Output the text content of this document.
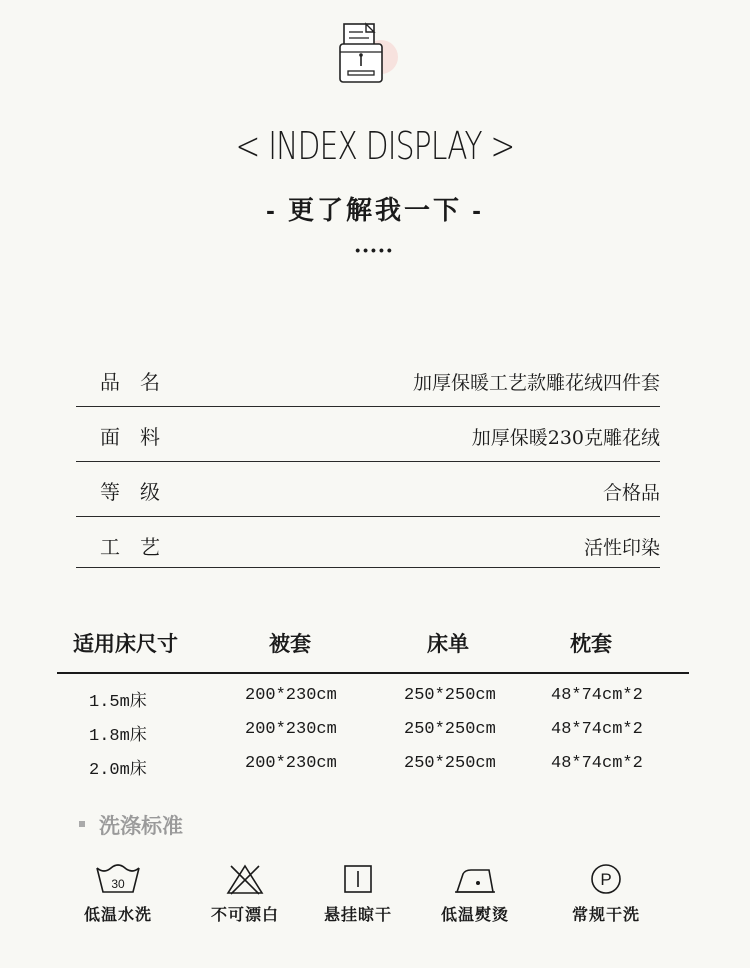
< INDEX DISPLAY >
- 更了解我一下 -
•••••
品名	加厚保暖工艺款雕花绒四件套
面料	加厚保暖230克雕花绒
等级	合格品
工艺	活性印染
适用床尺寸	被套	床单	枕套
1.5m床	200*230cm	250*250cm	48*74cm*2
1.8m床	200*230cm	250*250cm	48*74cm*2
2.0m床	200*230cm	250*250cm	48*74cm*2
洗涤标准
30
低温水洗	不可漂白	悬挂晾干	低温熨烫
P
常规干洗
